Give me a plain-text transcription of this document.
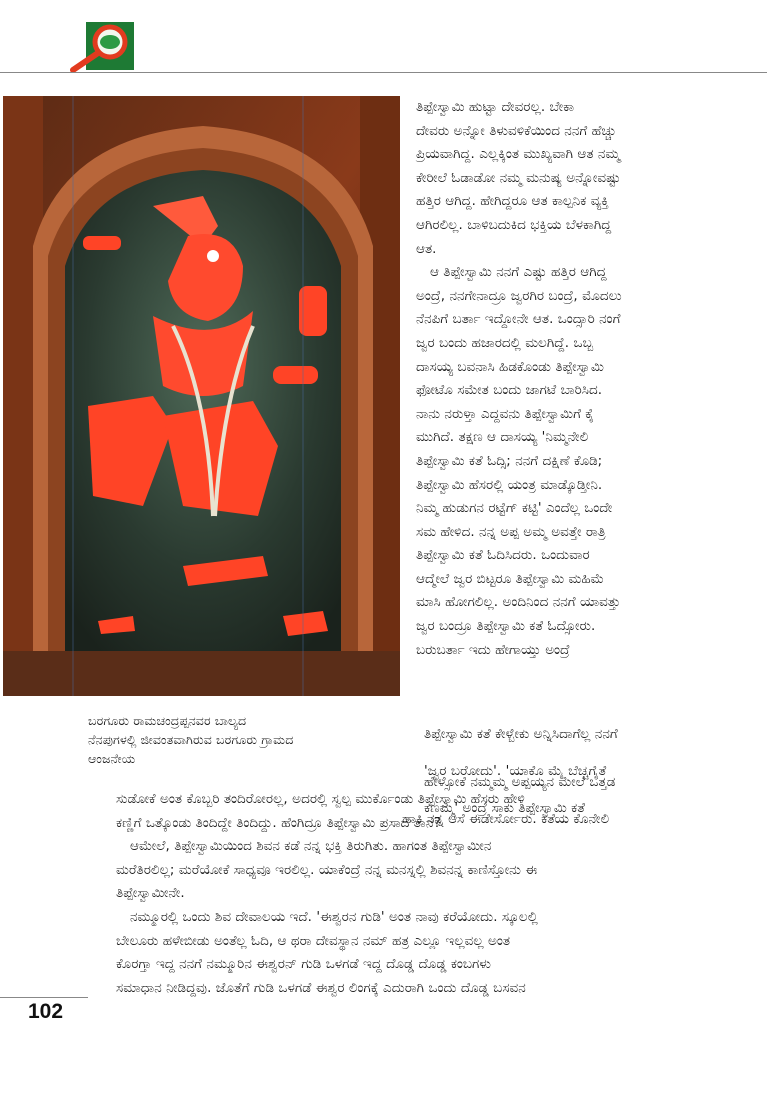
ತಿಪ್ಪೇಸ್ವಾಮಿ ಹುಟ್ಟಾ ದೇವರಲ್ಲ. ಬೇಕಾ

ದೇವರು ಅನ್ನೋ ತಿಳುವಳಿಕೆಯಿಂದ ನನಗೆ ಹೆಚ್ಚು

ಪ್ರಿಯವಾಗಿದ್ದ. ಎಲ್ಲಕ್ಕಿಂತ ಮುಖ್ಯವಾಗಿ ಆತ ನಮ್ಮ

ಕೇರೀಲೆ ಓಡಾಡೋ ನಮ್ಮ ಮನುಷ್ಯ ಅನ್ನೋವಷ್ಟು

ಹತ್ತಿರ ಆಗಿದ್ದ. ಹೇಗಿದ್ದರೂ ಆತ ಕಾಲ್ಪನಿಕ ವ್ಯಕ್ತಿ

ಆಗಿರಲಿಲ್ಲ. ಬಾಳಿಬದುಕಿದ ಭಕ್ತಿಯ ಬೆಳಕಾಗಿದ್ದ

ಆತ.

ಆ ತಿಪ್ಪೇಸ್ವಾಮಿ ನನಗೆ ಎಷ್ಟು ಹತ್ತಿರ ಆಗಿದ್ದ

ಅಂದ್ರೆ, ನನಗೇನಾದ್ರೂ ಜ್ವರಗಿರ ಬಂದ್ರೆ, ಮೊದಲು

ನೆನಪಿಗೆ ಬರ್ತಾ ಇದ್ದೋನೇ ಆತ. ಒಂದ್ಸಾರಿ ನಂಗೆ

ಜ್ವರ ಬಂದು ಹಜಾರದಲ್ಲಿ ಮಲಗಿದ್ದೆ. ಒಬ್ಬ

ದಾಸಯ್ಯ ಬವನಾಸಿ ಹಿಡಕೊಂಡು ತಿಪ್ಪೇಸ್ವಾಮಿ

ಫೋಟೊ ಸಮೇತ ಬಂದು ಜಾಗಟೆ ಬಾರಿಸಿದ.

ನಾನು ನರುಳ್ತಾ ಎದ್ದವನು ತಿಪ್ಪೇಸ್ವಾಮಿಗೆ ಕೈ

ಮುಗಿದೆ. ತಕ್ಷಣ ಆ ದಾಸಯ್ಯ 'ನಿಮ್ಮನೇಲಿ

ತಿಪ್ಪೇಸ್ವಾಮಿ ಕತೆ ಓದ್ಸಿ; ನನಗೆ ದಕ್ಷಿಣೆ ಕೊಡಿ;

ತಿಪ್ಪೇಸ್ವಾಮಿ ಹೆಸರಲ್ಲಿ ಯಂತ್ರ ಮಾಡ್ಕೊಡ್ತೀನಿ.

ನಿಮ್ಮ ಹುಡುಗನ ರಟ್ಟೆಗ್ ಕಟ್ಟಿ' ಎಂದೆಲ್ಲ ಒಂದೇ

ಸಮ ಹೇಳಿದ. ನನ್ನ ಅಪ್ಪ ಅಮ್ಮ ಅವತ್ತೇ ರಾತ್ರಿ

ತಿಪ್ಪೇಸ್ವಾಮಿ ಕತೆ ಓದಿಸಿದರು. ಒಂದುವಾರ

ಆದ್ಮೇಲೆ ಜ್ವರ ಬಿಟ್ಟರೂ ತಿಪ್ಪೇಸ್ವಾಮಿ ಮಹಿಮೆ

ಮಾಸಿ ಹೋಗಲಿಲ್ಲ. ಅಂದಿನಿಂದ ನನಗೆ ಯಾವತ್ತು

ಜ್ವರ ಬಂದ್ರೂ ತಿಪ್ಪೇಸ್ವಾಮಿ ಕತೆ ಓದ್ಸೋರು.

ಬರುಬರ್ತಾ ಇದು ಹೇಗಾಯ್ತು ಅಂದ್ರೆ

ಬರಗೂರು ರಾಮಚಂದ್ರಪ್ಪನವರ ಬಾಲ್ಯದ

ನೆನಪುಗಳಲ್ಲಿ ಜೀವಂತವಾಗಿರುವ ಬರಗೂರು ಗ್ರಾಮದ

ಆಂಜನೇಯ

ತಿಪ್ಪೇಸ್ವಾಮಿ ಕತೆ ಕೇಳ್ಬೇಕು ಅನ್ನಿಸಿದಾಗೆಲ್ಲ ನನಗೆ

'ಜ್ವರ ಬರೋದು'. 'ಯಾಕೊ ಮೈ ಬೆಚ್ಚಗೈತೆ

ಕಣಮ್ಮ' ಅಂದ್ರೆ ಸಾಕು ತಿಪ್ಪೇಸ್ವಾಮಿ ಕತೆ

ಹೇಳ್ಸೋಕೆ ನಮ್ಮಮ್ಮ ಅಪ್ಪಯ್ಯನ ಮೇಲೆ ಒತ್ತಡ

ಹಾಕಿ ನನ್ನ ಆಸೆ ಈಡೇರ್ಸೋರು. ಕತೆಯ ಕೊನೇಲಿ

ಸುಡೋಕೆ ಅಂತ ಕೊಬ್ಬರಿ ತಂದಿರೋರಲ್ಲ, ಅದರಲ್ಲಿ ಸ್ವಲ್ಪ ಮುರ್ಕೊಂಡು ತಿಪ್ಪೇಸ್ವಾಮಿ ಹೆಸರು ಹೇಳಿ

ಕಣ್ಣಿಗೆ ಒತ್ಕೊಂಡು ತಿಂದಿದ್ದೇ ತಿಂದಿದ್ದು. ಹೆಂಗಿದ್ರೂ ತಿಪ್ಪೇಸ್ವಾಮಿ ಪ್ರಸಾದ ತಾನೆ?

ಆಮೇಲೆ, ತಿಪ್ಪೇಸ್ವಾಮಿಯಿಂದ ಶಿವನ ಕಡೆ ನನ್ನ ಭಕ್ತಿ ತಿರುಗಿತು. ಹಾಗಂತ ತಿಪ್ಪೇಸ್ವಾಮೀನ

ಮರೆತಿರಲಿಲ್ಲ; ಮರೆಯೋಕೆ ಸಾಧ್ಯವೂ ಇರಲಿಲ್ಲ. ಯಾಕೆಂದ್ರೆ ನನ್ನ ಮನಸ್ನಲ್ಲಿ ಶಿವನನ್ನ ಕಾಣಿಸ್ತೋನು ಈ

ತಿಪ್ಪೇಸ್ವಾಮೀನೇ.

ನಮ್ಮೂರಲ್ಲಿ ಒಂದು ಶಿವ ದೇವಾಲಯ ಇದೆ. 'ಈಶ್ವರನ ಗುಡಿ' ಅಂತ ನಾವು ಕರೆಯೋದು. ಸ್ಕೂಲಲ್ಲಿ

ಬೇಲೂರು ಹಳೇಬೀಡು ಅಂತೆಲ್ಲ ಓದಿ, ಆ ಥರಾ ದೇವಸ್ಥಾನ ನಮ್ ಹತ್ರ ಎಲ್ಲೂ ಇಲ್ಲವಲ್ಲ ಅಂತ

ಕೊರಗ್ತಾ ಇದ್ದ ನನಗೆ ನಮ್ಮೂರಿನ ಈಶ್ವರನ್ ಗುಡಿ ಒಳಗಡೆ ಇದ್ದ ದೊಡ್ಡ ದೊಡ್ಡ ಕಂಬಗಳು

ಸಮಾಧಾನ ನೀಡಿದ್ದವು. ಜೊತೆಗೆ ಗುಡಿ ಒಳಗಡೆ ಈಶ್ವರ ಲಿಂಗಕ್ಕೆ ಎದುರಾಗಿ ಒಂದು ದೊಡ್ಡ ಬಸವನ

102
